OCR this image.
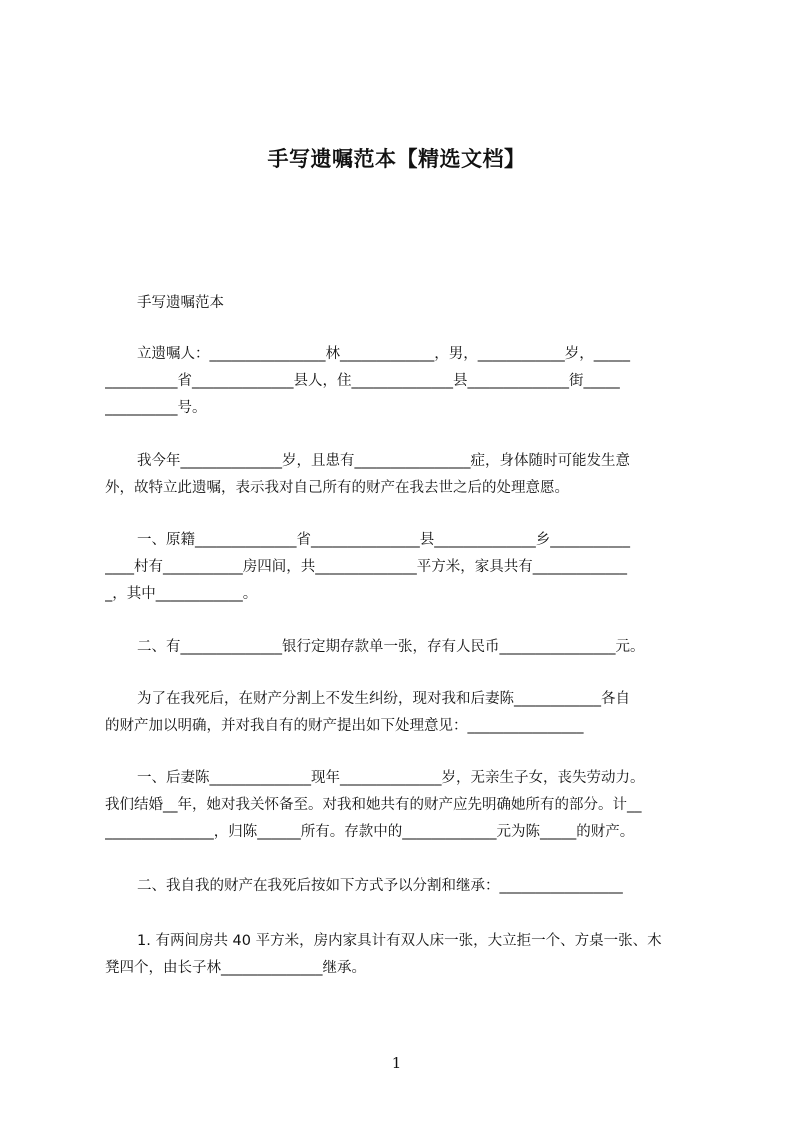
手写遗嘱范本【精选文档】
手写遗嘱范本
立遗嘱人：________________林_____________，男，____________岁，_____
__________省______________县人，住______________县______________街_____
__________号。
我今年______________岁，且患有________________症，身体随时可能发生意
外，故特立此遗嘱，表示我对自己所有的财产在我去世之后的处理意愿。
一、原籍______________省_______________县______________乡___________
____村有___________房四间，共______________平方米，家具共有_____________
_，其中____________。
二、有______________银行定期存款单一张，存有人民币________________元。
为了在我死后，在财产分割上不发生纠纷，现对我和后妻陈____________各自
的财产加以明确，并对我自有的财产提出如下处理意见：________________
一、后妻陈______________现年______________岁，无亲生子女，丧失劳动力。
我们结婚__年，她对我关怀备至。对我和她共有的财产应先明确她所有的部分。计__
_______________，归陈______所有。存款中的_____________元为陈_____的财产。
二、我自我的财产在我死后按如下方式予以分割和继承：_________________
1. 有两间房共 40 平方米，房内家具计有双人床一张，大立拒一个、方桌一张、木
凳四个，由长子林______________继承。
1
